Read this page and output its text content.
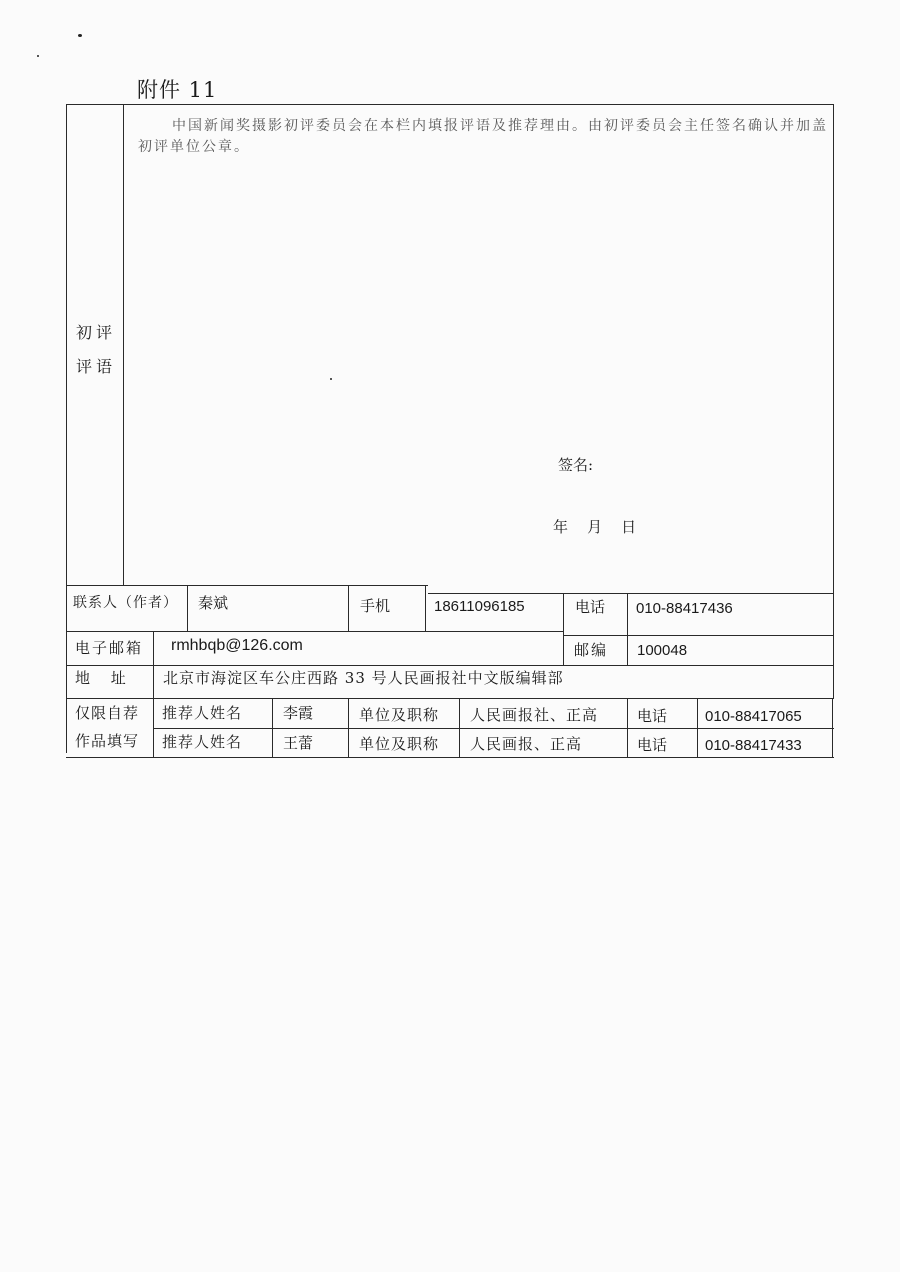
附件 11
初评
评语
中国新闻奖摄影初评委员会在本栏内填报评语及推荐理由。由初评委员会主任签名确认并加盖初评单位公章。
签名:
年    月    日
联系人（作者） 秦斌	手机	18611096185	电话 010-88417436
电子邮箱 rmhbqb@126.com	邮编 100048
地 址 北京市海淀区车公庄西路 33 号人民画报社中文版编辑部
仅限自荐
作品填写
推荐人姓名	李霞	单位及职称 人民画报社、正高	电话	010-88417065
推荐人姓名	王蕾	单位及职称 人民画报、正高	电话	010-88417433
